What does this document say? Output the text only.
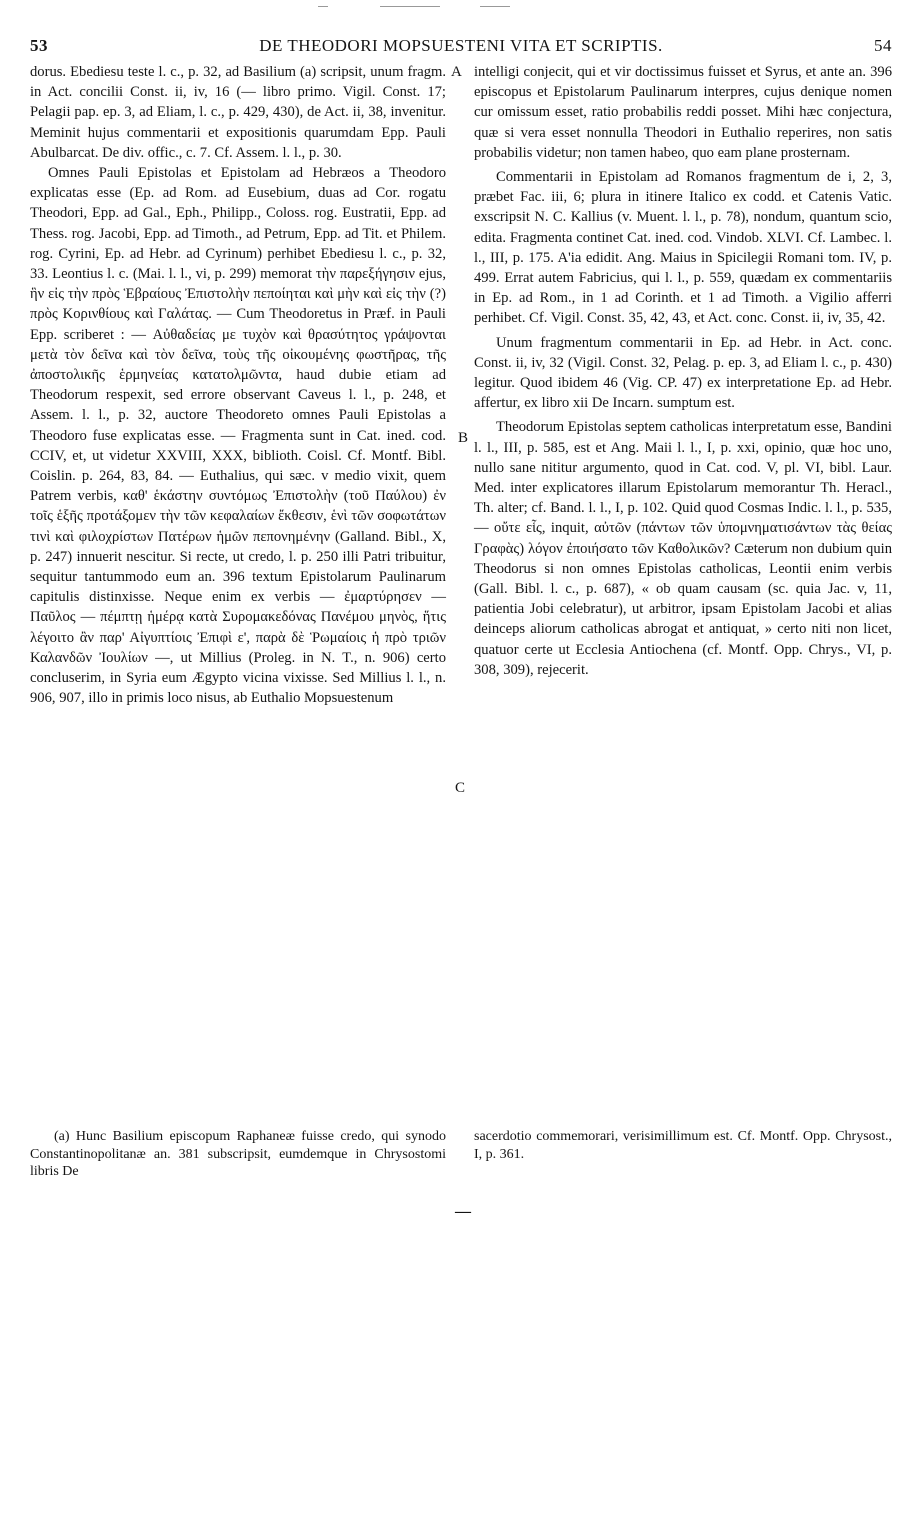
53	DE THEODORI MOPSUESTENI VITA ET SCRIPTIS.	54

dorus. Ebediesu teste l. c., p. 32, ad Basilium (a) scripsit, unum fragm. in Act. concilii Const. ii, iv, 16 (— libro primo. Vigil. Const. 17; Pelagii pap. ep. 3, ad Eliam, l. c., p. 429, 430), de Act. ii, 38, invenitur. Meminit hujus commentarii et expositionis quarumdam Epp. Pauli Abulbarcat. De div. offic., c. 7. Cf. Assem. l. l., p. 30.

Omnes Pauli Epistolas et Epistolam ad Hebræos a Theodoro explicatas esse (Ep. ad Rom. ad Eusebium, duas ad Cor. rogatu Theodori, Epp. ad Gal., Eph., Philipp., Coloss. rog. Eustratii, Epp. ad Thess. rog. Jacobi, Epp. ad Timoth., ad Petrum, Epp. ad Tit. et Philem. rog. Cyrini, Ep. ad Hebr. ad Cyrinum) perhibet Ebediesu l. c., p. 32, 33. Leontius l. c. (Mai. l. l., vi, p. 299) memorat τὴν παρεξήγησιν ejus, ἣν εἰς τὴν πρὸς Ἑβραίους Ἐπιστολὴν πεποίηται καὶ μὴν καὶ εἰς τὴν (?) πρὸς Κορινθίους καὶ Γαλάτας. — Cum Theodoretus in Præf. in Pauli Epp. scriberet : — Αὐθαδείας με τυχὸν καὶ θρασύτητος γράψονται μετὰ τὸν δεῖνα καὶ τὸν δεῖνα, τοὺς τῆς οἰκουμένης φωστῆρας, τῆς ἀποστολικῆς ἑρμηνείας κατατολμῶντα, haud dubie etiam ad Theodorum respexit, sed errore observant Caveus l. l., p. 248, et Assem. l. l., p. 32, auctore Theodoreto omnes Pauli Epistolas a Theodoro fuse explicatas esse. — Fragmenta sunt in Cat. ined. cod. CCIV, et, ut videtur XXVIII, XXX, biblioth. Coisl. Cf. Montf. Bibl. Coislin. p. 264, 83, 84. — Euthalius, qui sæc. v medio vixit, quem Patrem verbis, καθ' ἑκάστην συντόμως Ἐπιστολὴν (τοῦ Παύλου) ἐν τοῖς ἑξῆς προτάξομεν τὴν τῶν κεφαλαίων ἔκθεσιν, ἑνὶ τῶν σοφωτάτων τινὶ καὶ φιλοχρίστων Πατέρων ἡμῶν πεπονημένην (Galland. Bibl., X, p. 247) innuerit nescitur. Si recte, ut credo, l. p. 250 illi Patri tribuitur, sequitur tantummodo eum an. 396 textum Epistolarum Paulinarum capitulis distinxisse. Neque enim ex verbis — ἐμαρτύρησεν — Παῦλος — πέμπτῃ ἡμέρᾳ κατὰ Συρομακεδόνας Πανέμου μηνὸς, ἥτις λέγοιτο ἂν παρ' Αἰγυπτίοις Ἐπιφὶ ε', παρὰ δὲ Ῥωμαίοις ἡ πρὸ τριῶν Καλανδῶν Ἰουλίων —, ut Millius (Proleg. in N. T., n. 906) certo concluserim, in Syria eum Ægypto vicina vixisse. Sed Millius l. l., n. 906, 907, illo in primis loco nisus, ab Euthalio Mopsuestenum

A
B
C

intelligi conjecit, qui et vir doctissimus fuisset et Syrus, et ante an. 396 episcopus et Epistolarum Paulinarum interpres, cujus denique nomen cur omissum esset, ratio probabilis reddi posset. Mihi hæc conjectura, quæ si vera esset nonnulla Theodori in Euthalio reperires, non satis probabilis videtur; non tamen habeo, quo eam plane prosternam.

Commentarii in Epistolam ad Romanos fragmentum de i, 2, 3, præbet Fac. iii, 6; plura in itinere Italico ex codd. et Catenis Vatic. exscripsit N. C. Kallius (v. Muent. l. l., p. 78), nondum, quantum scio, edita. Fragmenta continet Cat. ined. cod. Vindob. XLVI. Cf. Lambec. l. l., III, p. 175. A'ia edidit. Ang. Maius in Spicilegii Romani tom. IV, p. 499. Errat autem Fabricius, qui l. l., p. 559, quædam ex commentariis in Ep. ad Rom., in 1 ad Corinth. et 1 ad Timoth. a Vigilio afferri perhibet. Cf. Vigil. Const. 35, 42, 43, et Act. conc. Const. ii, iv, 35, 42.

Unum fragmentum commentarii in Ep. ad Hebr. in Act. conc. Const. ii, iv, 32 (Vigil. Const. 32, Pelag. p. ep. 3, ad Eliam l. c., p. 430) legitur. Quod ibidem 46 (Vig. CP. 47) ex interpretatione Ep. ad Hebr. affertur, ex libro xii De Incarn. sumptum est.

Theodorum Epistolas septem catholicas interpretatum esse, Bandini l. l., III, p. 585, est et Ang. Maii l. l., I, p. xxi, opinio, quæ hoc uno, nullo sane nititur argumento, quod in Cat. cod. V, pl. VI, bibl. Laur. Med. inter explicatores illarum Epistolarum memorantur Th. Heracl., Th. alter; cf. Band. l. l., I, p. 102. Quid quod Cosmas Indic. l. l., p. 535, — οὔτε εἷς, inquit, αὐτῶν (πάντων τῶν ὑπομνηματισάντων τὰς θείας Γραφὰς) λόγον ἐποιήσατο τῶν Καθολικῶν? Cæterum non dubium quin Theodorus si non omnes Epistolas catholicas, Leontii enim verbis (Gall. Bibl. l. c., p. 687), « ob quam causam (sc. quia Jac. v, 11, patientia Jobi celebratur), ut arbitror, ipsam Epistolam Jacobi et alias deinceps aliorum catholicas abrogat et antiquat, » certo niti non licet, quatuor certe ut Ecclesia Antiochena (cf. Montf. Opp. Chrys., VI, p. 308, 309), rejecerit.

(a) Hunc Basilium episcopum Raphaneæ fuisse credo, qui synodo Constantinopolitanæ an. 381 subscripsit, eumdemque in Chrysostomi libris De

sacerdotio commemorari, verisimillimum est. Cf. Montf. Opp. Chrysost., I, p. 361.

—
